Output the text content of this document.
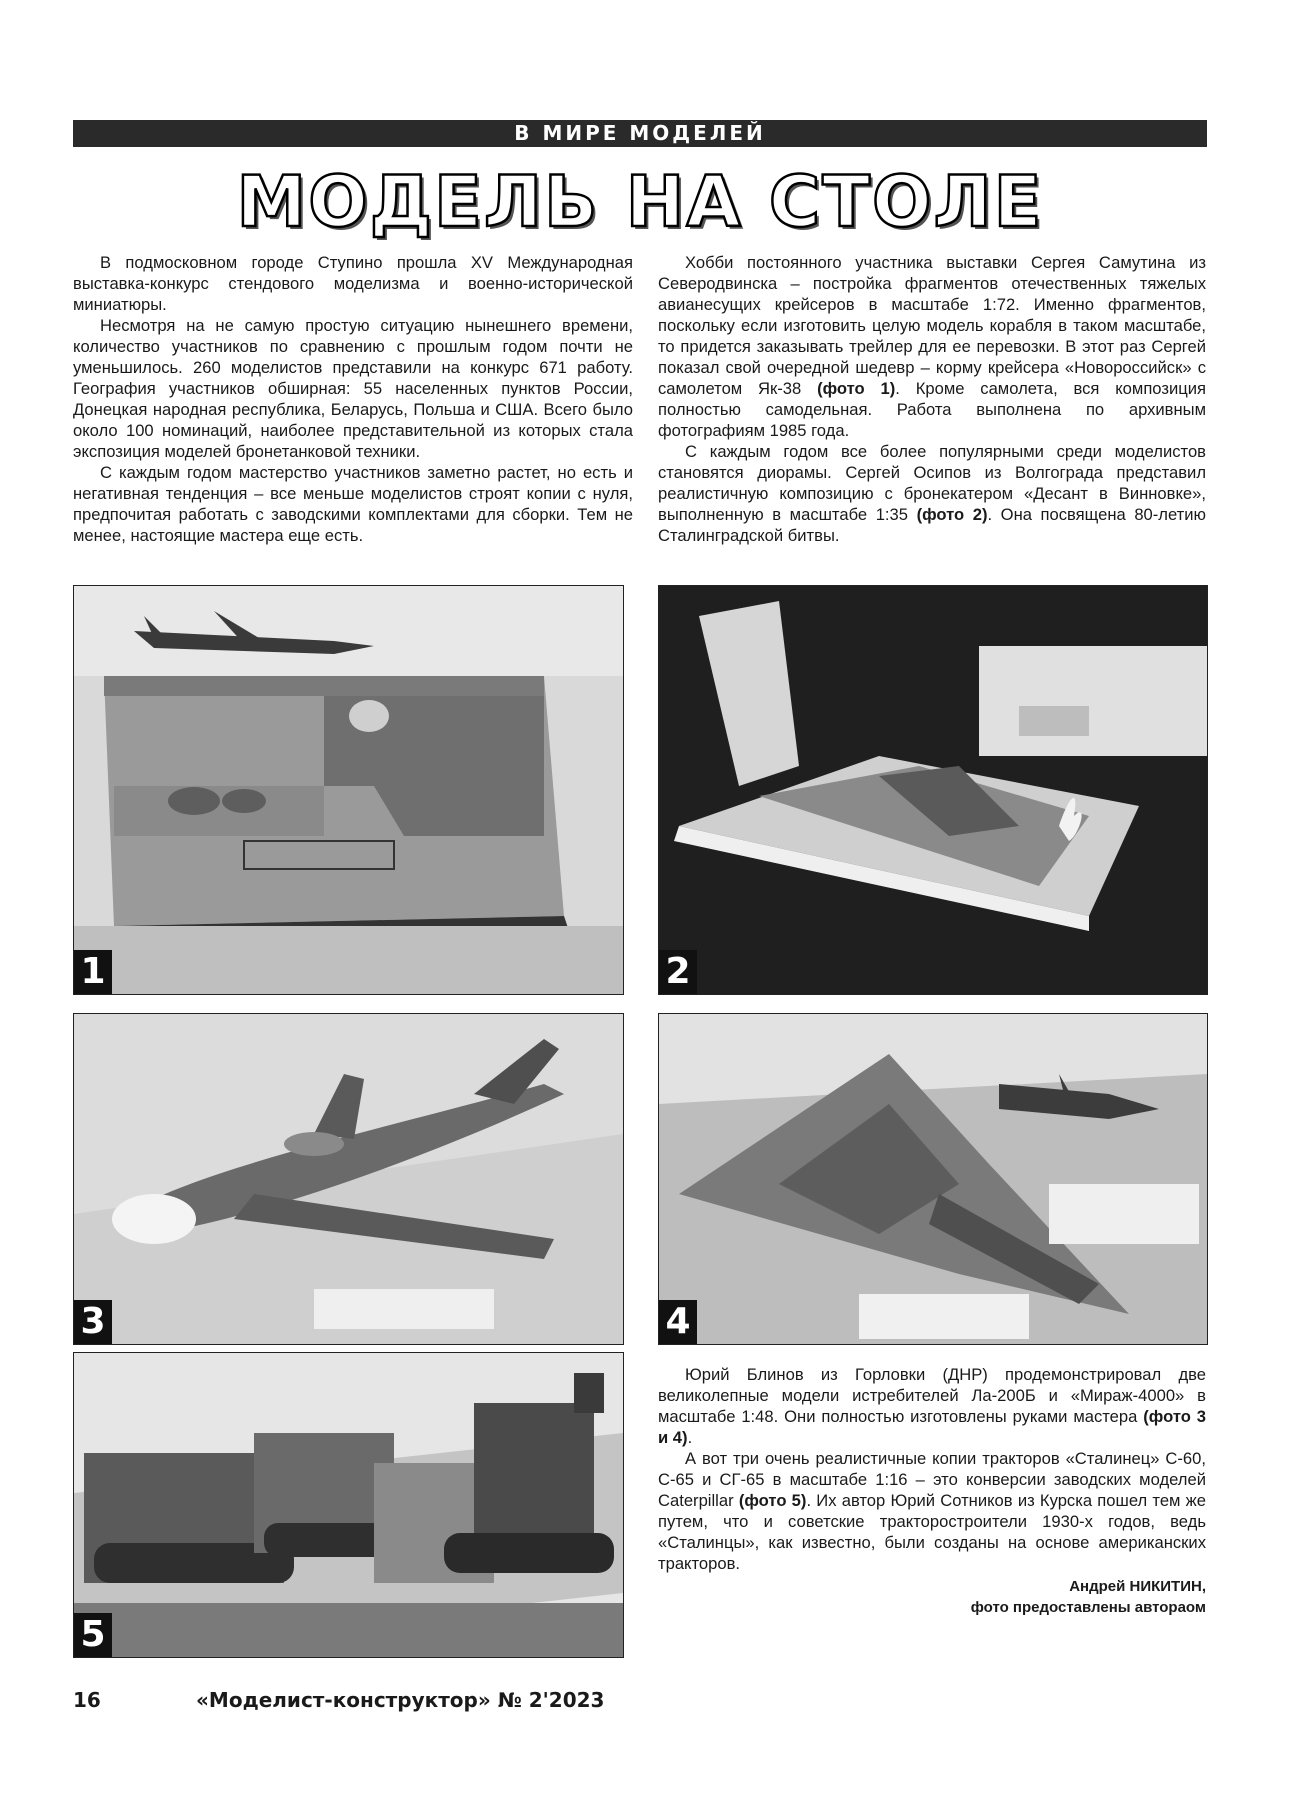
В МИРЕ МОДЕЛЕЙ
МОДЕЛЬ НА СТОЛЕ

В подмосковном городе Ступино прошла XV Международная выставка-конкурс стендового моделизма и военно-исторической миниатюры.

Несмотря на не самую простую ситуацию нынешнего времени, количество участников по сравнению с прошлым годом почти не уменьшилось. 260 моделистов представили на конкурс 671 работу. География участников обширная: 55 населенных пунктов России, Донецкая народная республика, Беларусь, Польша и США. Всего было около 100 номинаций, наиболее представительной из которых стала экспозиция моделей бронетанковой техники.

С каждым годом мастерство участников заметно растет, но есть и негативная тенденция – все меньше моделистов строят копии с нуля, предпочитая работать с заводскими комплектами для сборки. Тем не менее, настоящие мастера еще есть.

Хобби постоянного участника выставки Сергея Самутина из Северодвинска – постройка фрагментов отечественных тяжелых авианесущих крейсеров в масштабе 1:72. Именно фрагментов, поскольку если изготовить целую модель корабля в таком масштабе, то придется заказывать трейлер для ее перевозки. В этот раз Сергей показал свой очередной шедевр – корму крейсера «Новороссийск» с самолетом Як-38 (фото 1). Кроме самолета, вся композиция полностью самодельная. Работа выполнена по архивным фотографиям 1985 года.

С каждым годом все более популярными среди моделистов становятся диорамы. Сергей Осипов из Волгограда представил реалистичную композицию с бронекатером «Десант в Винновке», выполненную в масштабе 1:35 (фото 2). Она посвящена 80-летию Сталинградской битвы.

1	2
3	4
5

Юрий Блинов из Горловки (ДНР) продемонстрировал две великолепные модели истребителей Ла-200Б и «Мираж-4000» в масштабе 1:48. Они полностью изготовлены руками мастера (фото 3 и 4).

А вот три очень реалистичные копии тракторов «Сталинец» С-60, С-65 и СГ-65 в масштабе 1:16 – это конверсии заводских моделей Caterpillar (фото 5). Их автор Юрий Сотников из Курска пошел тем же путем, что и советские тракторостроители 1930-х годов, ведь «Сталинцы», как известно, были созданы на основе американских тракторов.

Андрей НИКИТИН,
фото предоставлены автораом
16	«Моделист-конструктор» № 2'2023
